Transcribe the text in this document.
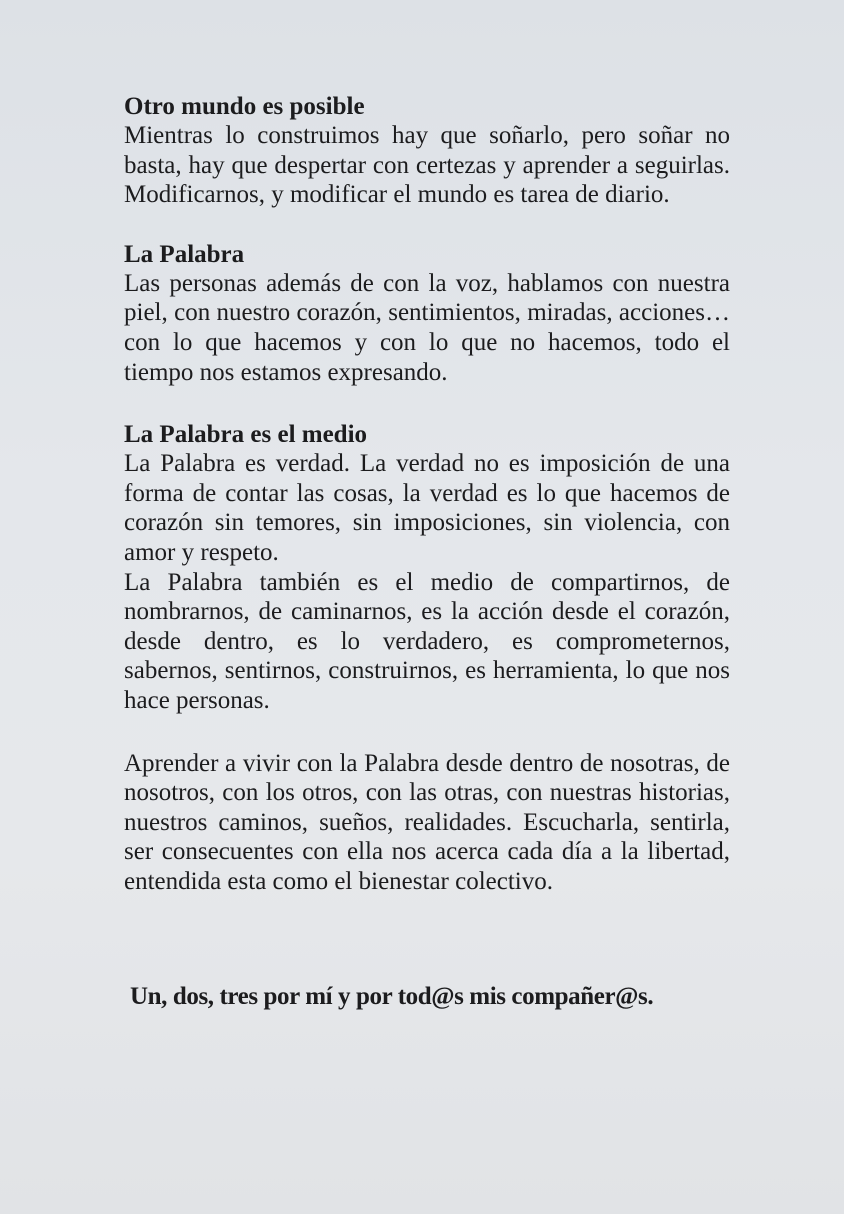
Otro mundo es posible

Mientras lo construimos hay que soñarlo, pero soñar no basta, hay que despertar con certezas y aprender a seguirlas. Modificarnos, y modificar el mundo es tarea de diario.

La Palabra

Las personas además de con la voz, hablamos con nuestra piel, con nuestro corazón, sentimientos, miradas, acciones… con lo que hacemos y con lo que no hacemos, todo el tiempo nos estamos expresando.

La Palabra es el medio

La Palabra es verdad. La verdad no es imposición de una forma de contar las cosas, la verdad es lo que hacemos de corazón sin temores, sin imposiciones, sin violencia, con amor y respeto.

La Palabra también es el medio de compartirnos, de nombrarnos, de caminarnos, es la acción desde el corazón, desde dentro, es lo verdadero, es comprometernos, sabernos, sentirnos, construirnos, es herramienta, lo que nos hace personas.

Aprender a vivir con la Palabra desde dentro de nosotras, de nosotros, con los otros, con las otras, con nuestras historias, nuestros caminos, sueños, realidades. Escucharla, sentirla, ser consecuentes con ella nos acerca cada día a la libertad, entendida esta como el bienestar colectivo.

Un, dos, tres por mí y por tod@s mis compañer@s.
